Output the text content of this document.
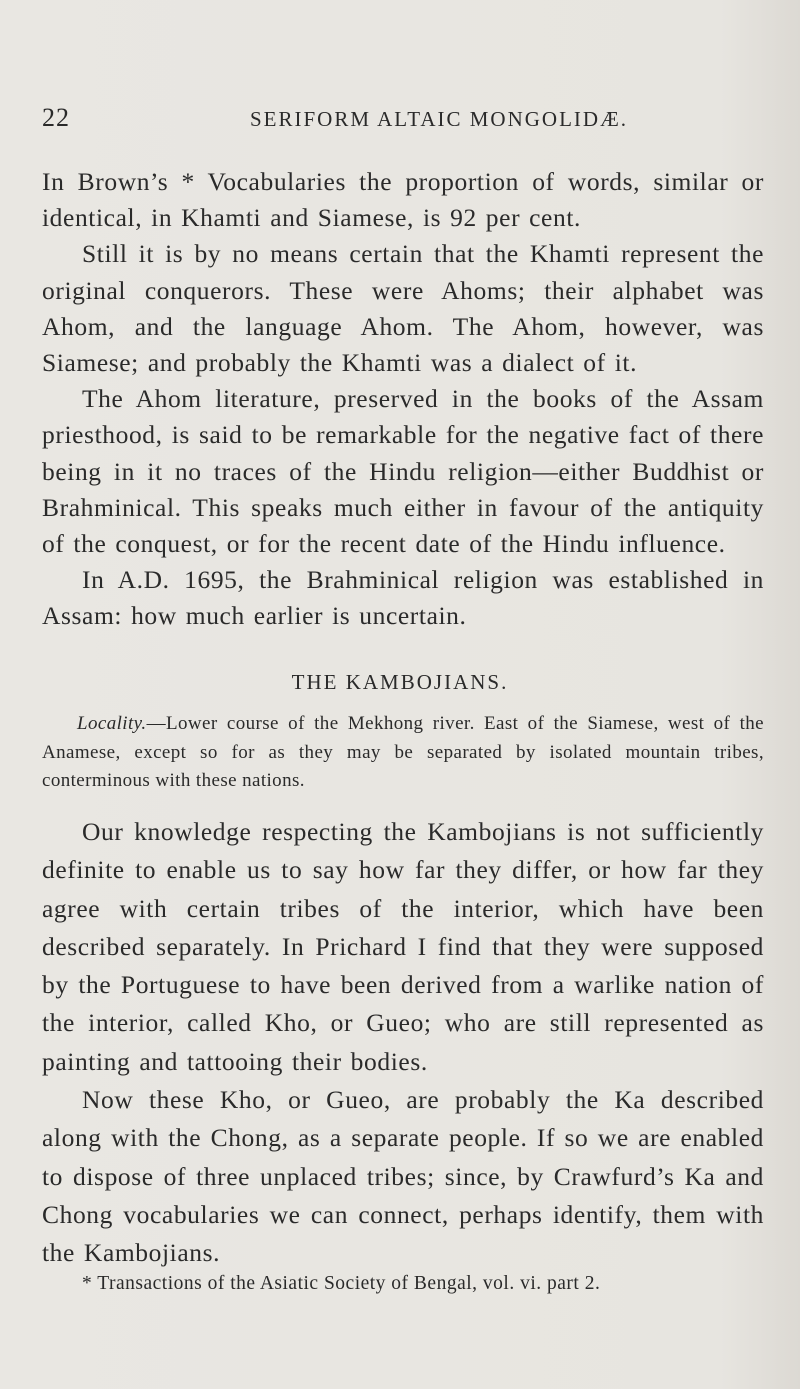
22	SERIFORM ALTAIC MONGOLIDÆ.

In Brown’s * Vocabularies the proportion of words, similar or identical, in Khamti and Siamese, is 92 per cent.

Still it is by no means certain that the Khamti represent the original conquerors. These were Ahoms; their alphabet was Ahom, and the language Ahom. The Ahom, however, was Siamese; and probably the Khamti was a dialect of it.

The Ahom literature, preserved in the books of the Assam priesthood, is said to be remarkable for the negative fact of there being in it no traces of the Hindu religion—either Buddhist or Brahminical. This speaks much either in favour of the antiquity of the conquest, or for the recent date of the Hindu influence.

In A.D. 1695, the Brahminical religion was established in Assam: how much earlier is uncertain.

THE KAMBOJIANS.

Locality.—Lower course of the Mekhong river. East of the Siamese, west of the Anamese, except so for as they may be separated by isolated mountain tribes, conterminous with these nations.

Our knowledge respecting the Kambojians is not sufficiently definite to enable us to say how far they differ, or how far they agree with certain tribes of the interior, which have been described separately. In Prichard I find that they were supposed by the Portuguese to have been derived from a warlike nation of the interior, called Kho, or Gueo; who are still represented as painting and tattooing their bodies.

Now these Kho, or Gueo, are probably the Ka described along with the Chong, as a separate people. If so we are enabled to dispose of three unplaced tribes; since, by Crawfurd’s Ka and Chong vocabularies we can connect, perhaps identify, them with the Kambojians.

* Transactions of the Asiatic Society of Bengal, vol. vi. part 2.
